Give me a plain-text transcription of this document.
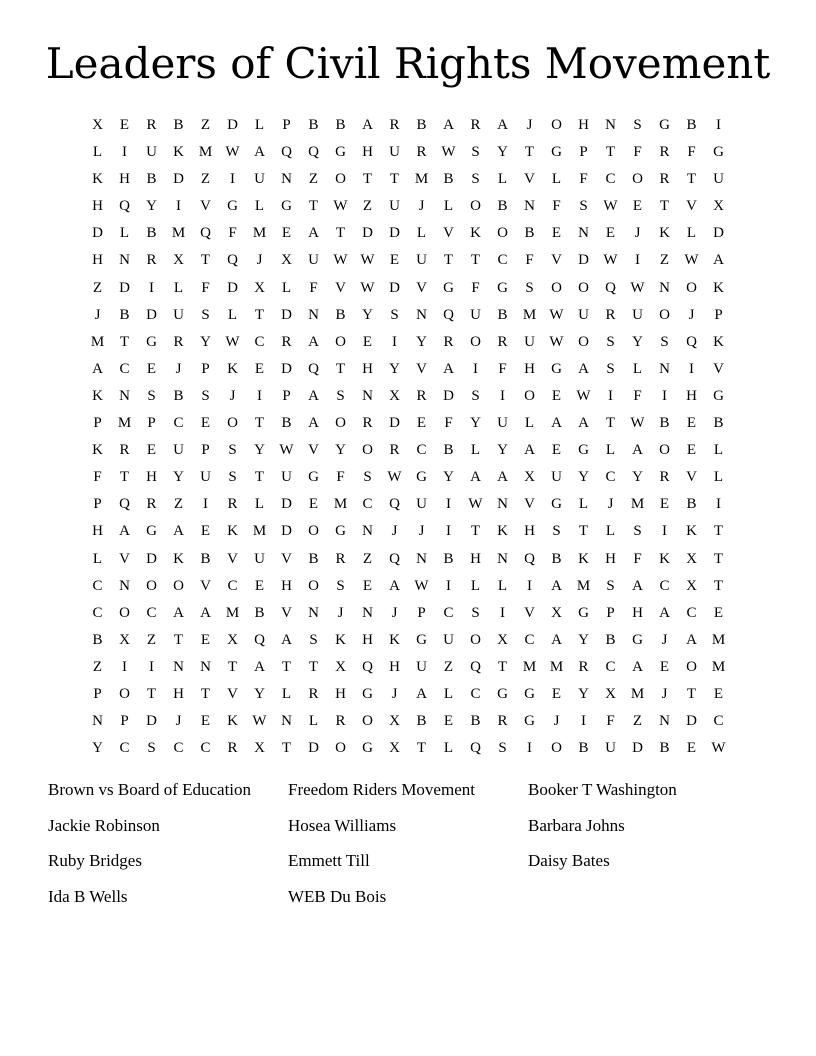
Leaders of Civil Rights Movement
X	E	R	B	Z	D	L	P	B	B	A	R	B	A	R	A	J	O	H	N	S	G	B	I
L	I	U	K M W A	Q	Q	G	H	U	R W	S	Y	T	G	P	T	F	R	F	G
K	H	B	D	Z	I	U	N	Z	O	T	T	M	B	S	L	V	L	F	C	O	R	T	U
H	Q	Y	I	V	G	L	G	T	W	Z	U	J	L	O	B	N	F	S	W	E	T	V	X
D	L	B	M Q	F	M	E	A	T	D	D	L	V	K	O	B	E	N	E	J	K	L	D
H	N	R	X	T	Q	J	X	U W W	E	U	T	T	C	F	V	D W	I	Z	W A
Z	D	I	L	F	D	X	L	F	V W D	V	G	F	G	S	O	O	Q W N	O	K
J	B	D	U	S	L	T	D	N	B	Y	S	N	Q	U	B	M W U	R	U	O	J	P
M	T	G	R	Y W C	R	A	O	E	I	Y	R	O	R	U W O	S	Y	S	Q	K
A	C	E	J	P	K	E	D	Q	T	H	Y	V	A	I	F	H	G	A	S	L	N	I	V
K	N	S	B	S	J	I	P	A	S	N	X	R	D	S	I	O	E	W	I	F	I	H	G
P	M	P	C	E	O	T	B	A	O	R	D	E	F	Y	U	L	A	A	T	W B	E	B
K	R	E	U	P	S	Y W V	Y	O	R	C	B	L	Y	A	E	G	L	A	O	E	L
F	T	H	Y	U	S	T	U	G	F	S	W G	Y	A	A	X	U	Y	C	Y	R	V	L
P	Q	R	Z	I	R	L	D	E	M	C	Q	U	I	W N	V	G	L	J	M	E	B	I
H	A	G	A	E	K M D	O	G	N	J	J	I	T	K	H	S	T	L	S	I	K	T
L	V	D	K	B	V	U	V	B	R	Z	Q	N	B	H	N	Q	B	K	H	F	K	X	T
C	N	O	O	V	C	E	H	O	S	E	A W	I	L	L	I	A M	S	A	C	X	T
C	O	C	A	A M	B	V	N	J	N	J	P	C	S	I	V	X	G	P	H	A	C	E
B	X	Z	T	E	X	Q	A	S	K	H	K	G	U	O	X	C	A	Y	B	G	J	A M
Z	I	I	N	N	T	A	T	T	X	Q	H	U	Z	Q	T	M M	R	C	A	E	O M
P	O	T	H	T	V	Y	L	R	H	G	J	A	L	C	G	G	E	Y	X M	J	T	E
N	P	D	J	E	K W N	L	R	O	X	B	E	B	R	G	J	I	F	Z	N	D	C
Y	C	S	C	C	R	X	T	D	O	G	X	T	L	Q	S	I	O	B	U	D	B	E	W
Brown vs Board of Education	Freedom Riders Movement	Booker T Washington
Jackie Robinson	Hosea Williams	Barbara Johns
Ruby Bridges	Emmett Till	Daisy Bates
Ida B Wells	WEB Du Bois
